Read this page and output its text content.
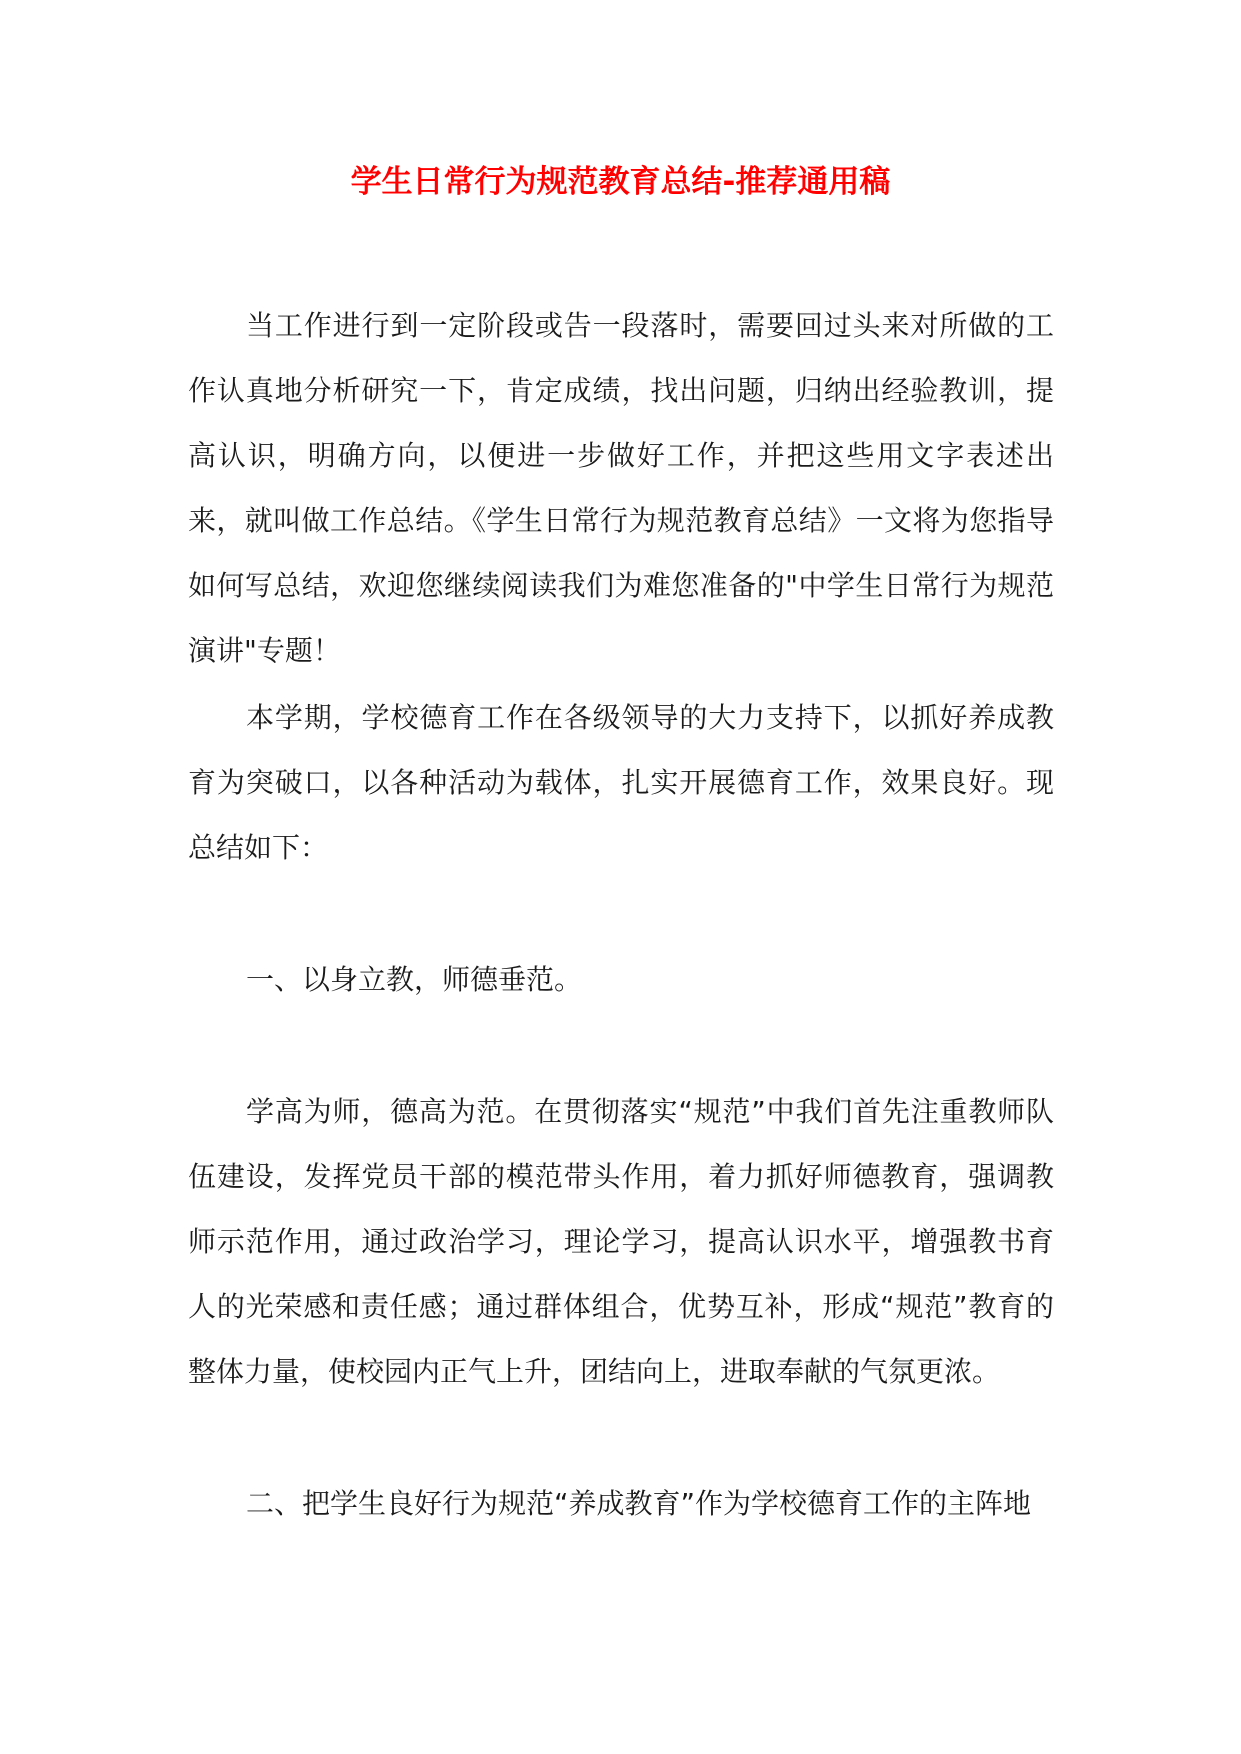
学生日常行为规范教育总结-推荐通用稿

当工作进行到一定阶段或告一段落时，需要回过头来对所做的工作认真地分析研究一下，肯定成绩，找出问题，归纳出经验教训，提高认识，明确方向，以便进一步做好工作，并把这些用文字表述出来，就叫做工作总结。《学生日常行为规范教育总结》一文将为您指导如何写总结，欢迎您继续阅读我们为难您准备的"中学生日常行为规范演讲"专题！

本学期，学校德育工作在各级领导的大力支持下，以抓好养成教育为突破口，以各种活动为载体，扎实开展德育工作，效果良好。现总结如下：

一、以身立教，师德垂范。

学高为师，德高为范。在贯彻落实“规范”中我们首先注重教师队伍建设，发挥党员干部的模范带头作用，着力抓好师德教育，强调教师示范作用，通过政治学习，理论学习，提高认识水平，增强教书育人的光荣感和责任感；通过群体组合，优势互补，形成“规范”教育的整体力量，使校园内正气上升，团结向上，进取奉献的气氛更浓。

二、把学生良好行为规范“养成教育”作为学校德育工作的主阵地
